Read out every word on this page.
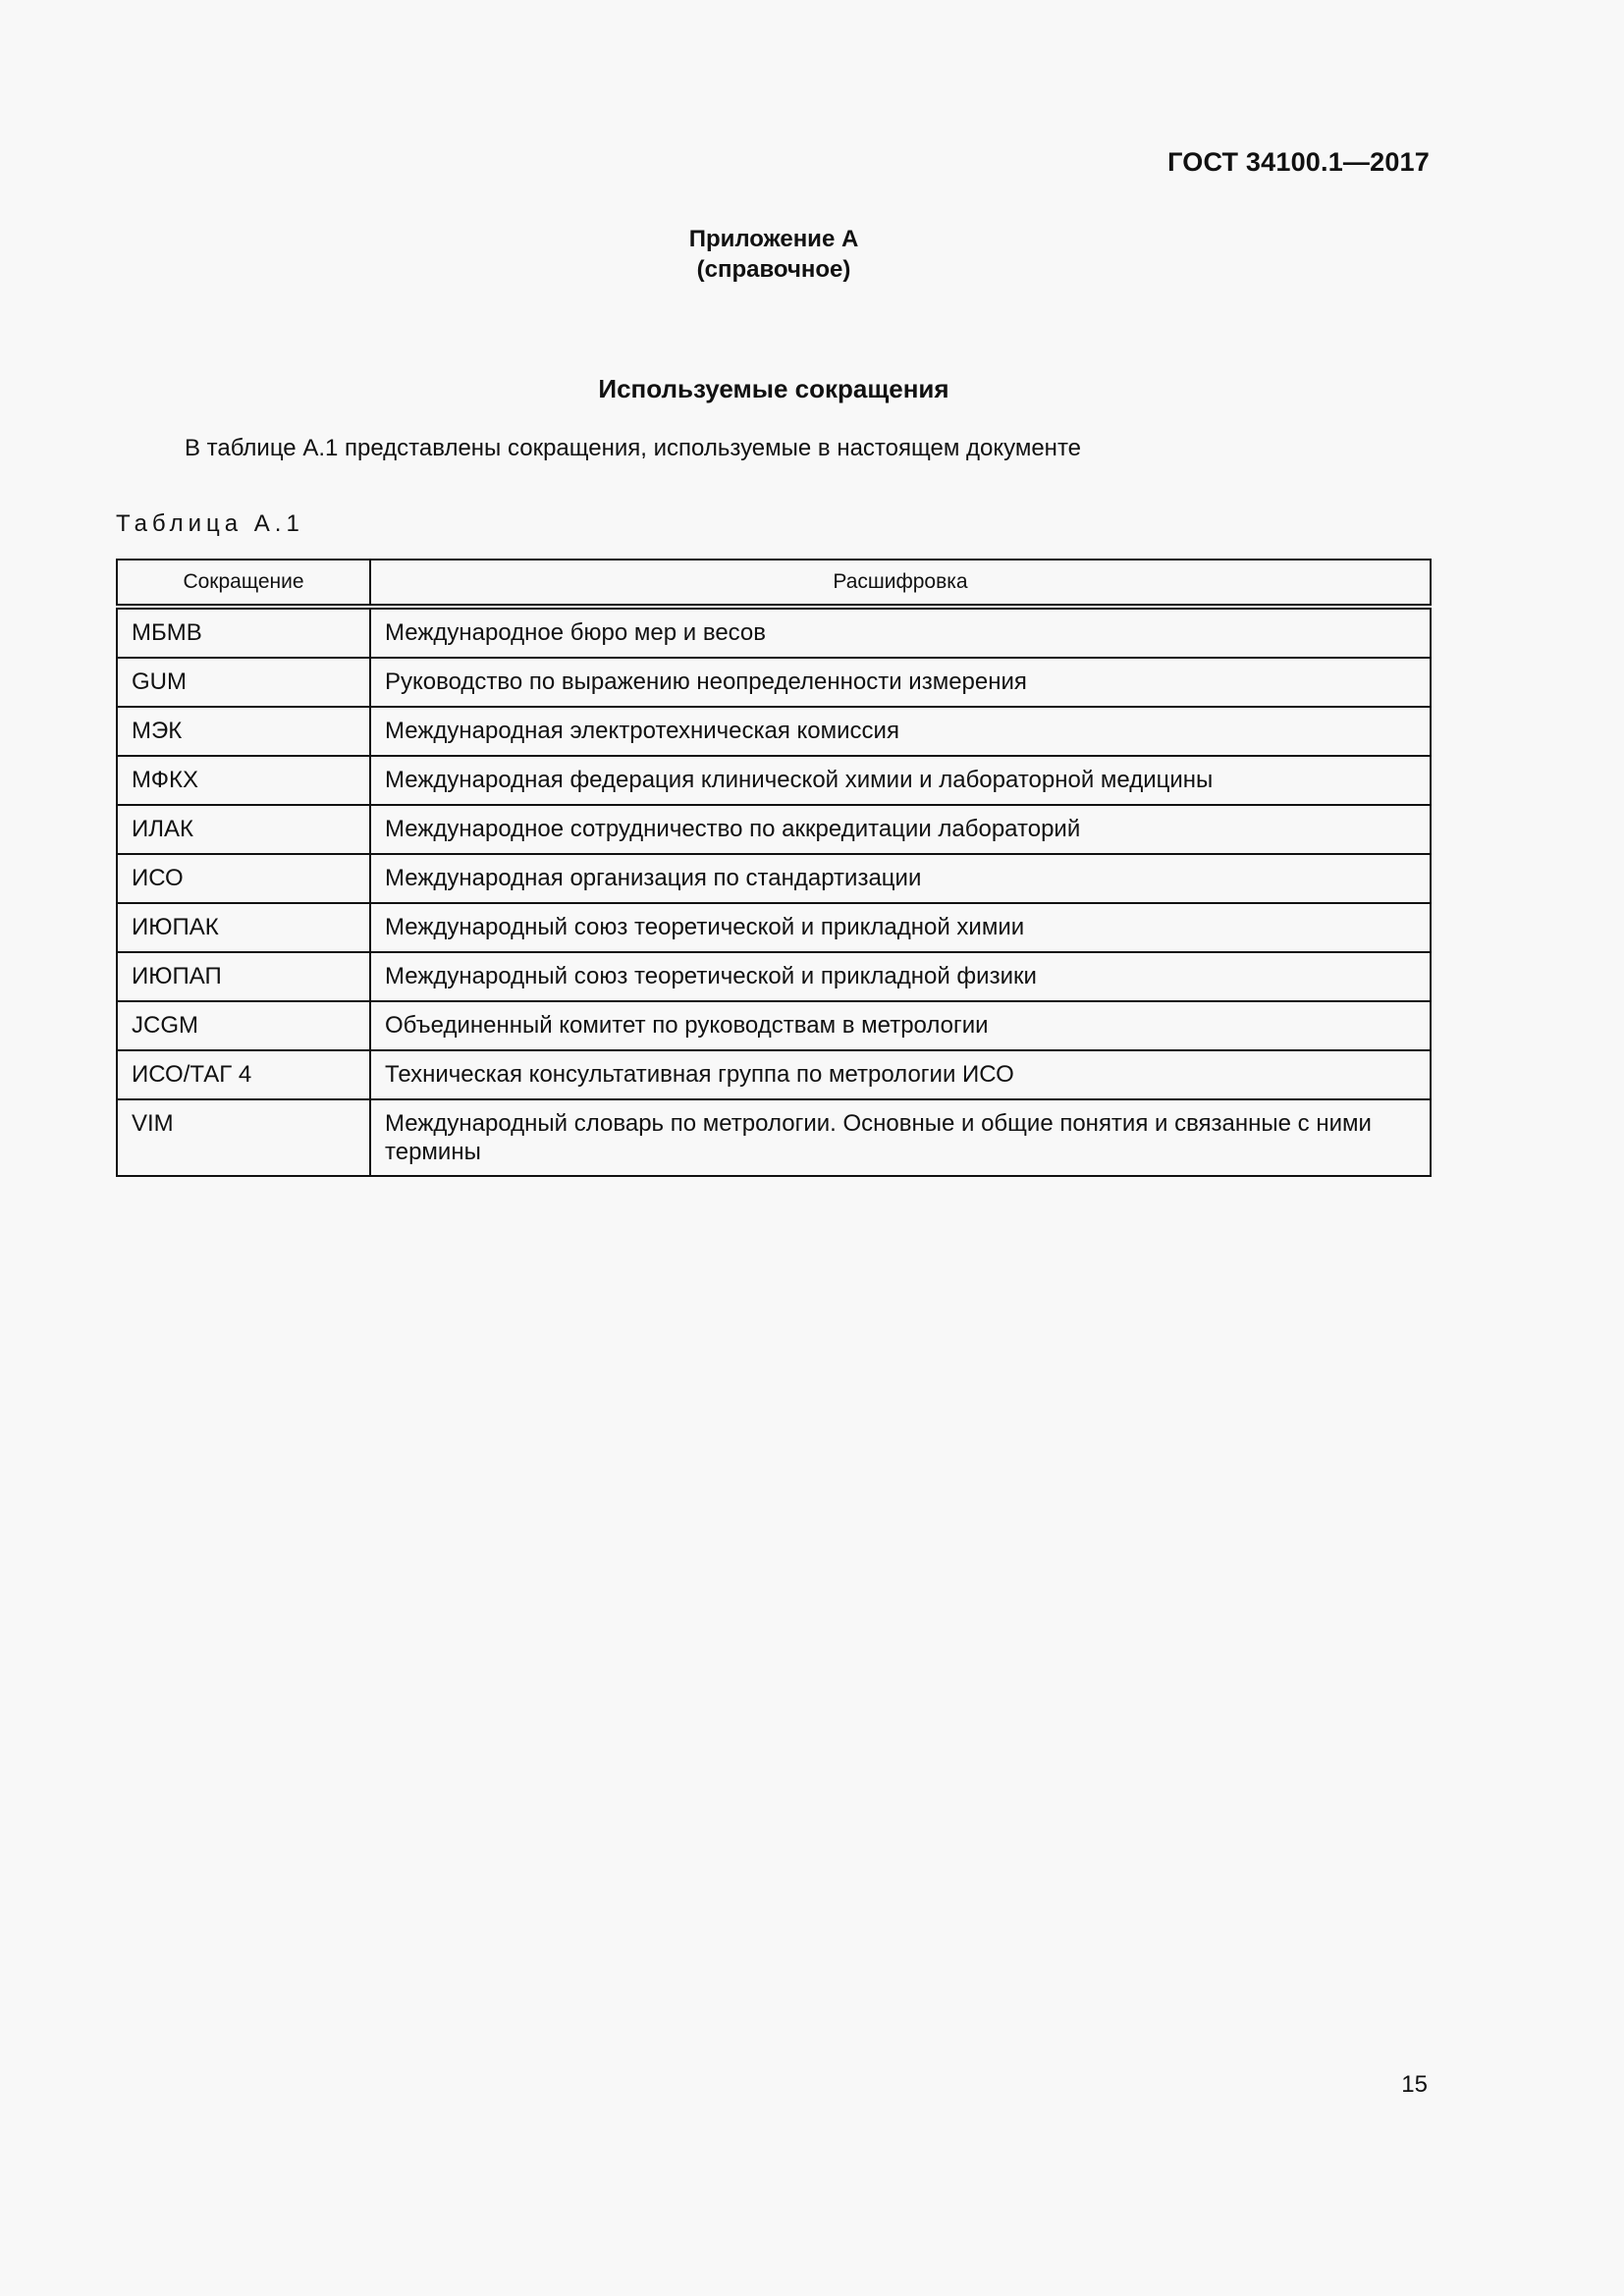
ГОСТ 34100.1—2017
Приложение А
(справочное)
Используемые сокращения
В таблице А.1 представлены сокращения, используемые в настоящем документе
Таблица А.1
Сокращение	Расшифровка
МБМВ	Международное бюро мер и весов
GUM	Руководство по выражению неопределенности измерения
МЭК	Международная электротехническая комиссия
МФКХ	Международная федерация клинической химии и лабораторной медицины
ИЛАК	Международное сотрудничество по аккредитации лабораторий
ИСО	Международная организация по стандартизации
ИЮПАК	Международный союз теоретической и прикладной химии
ИЮПАП	Международный союз теоретической и прикладной физики
JCGM	Объединенный комитет по руководствам в метрологии
ИСО/ТАГ 4	Техническая консультативная группа по метрологии ИСО
VIM	Международный словарь по метрологии. Основные и общие понятия и связанные с ними термины
15
